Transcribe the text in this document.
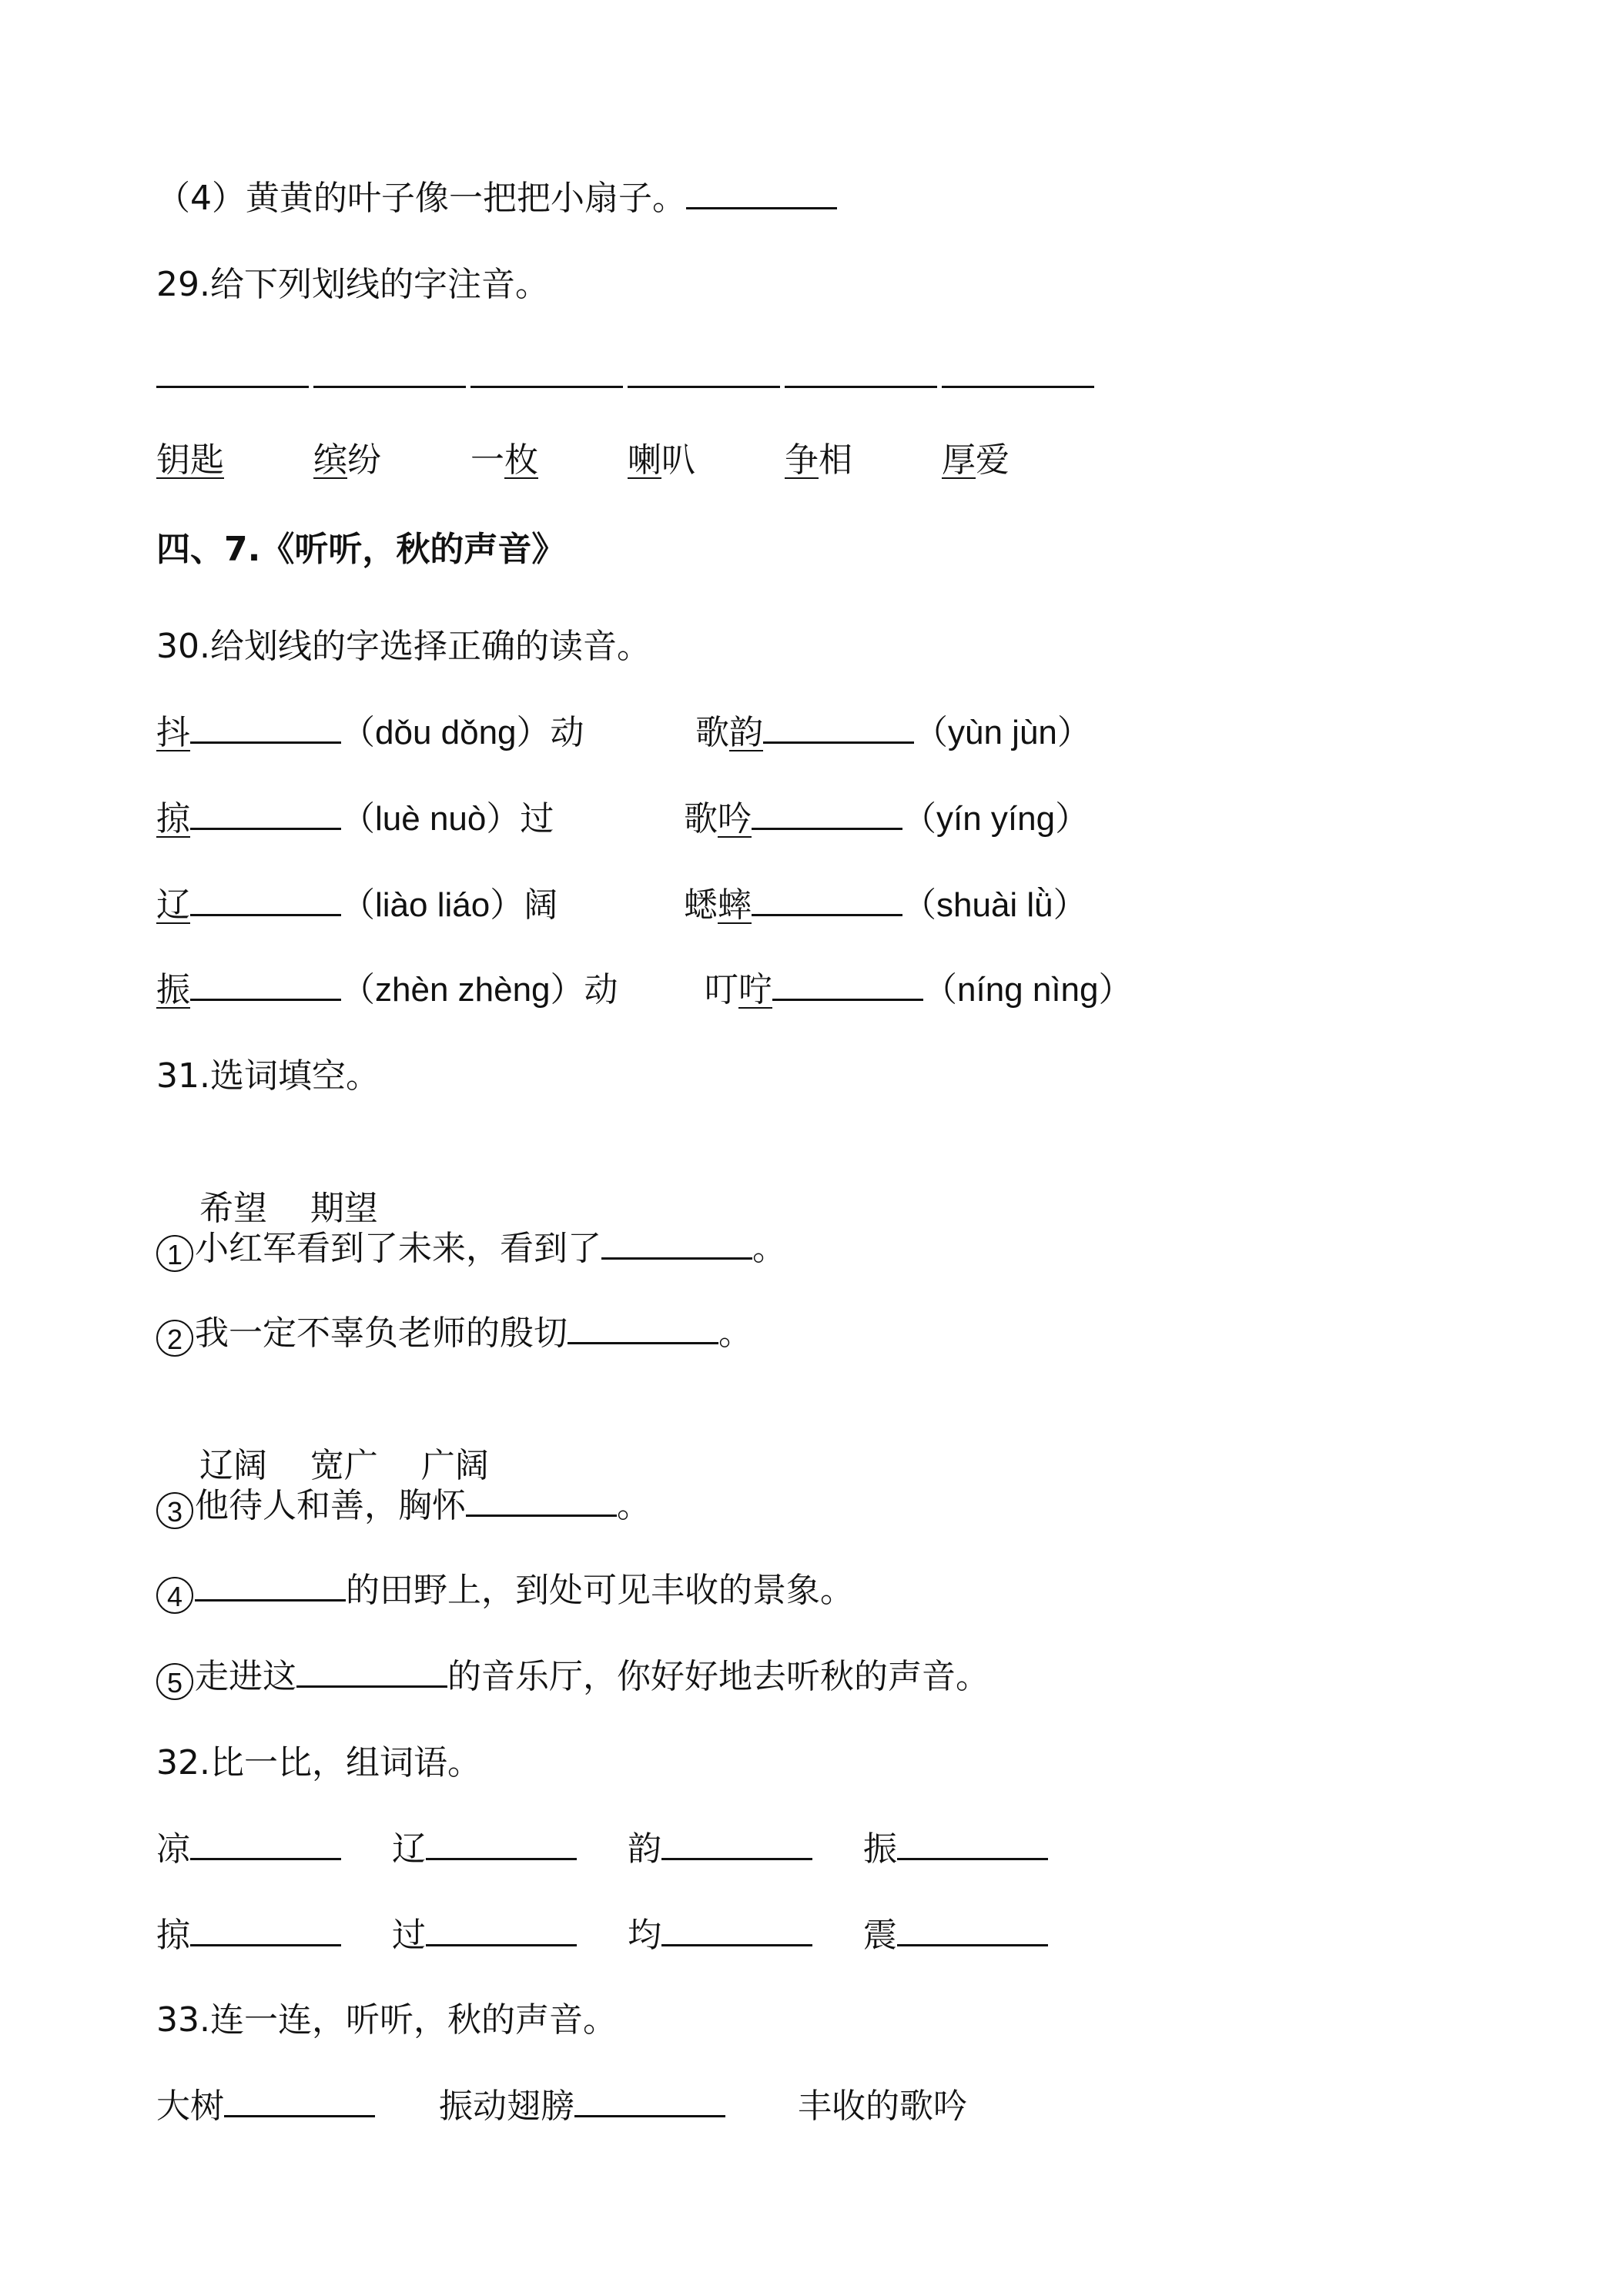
（4）黄黄的叶子像一把把小扇子。
29.给下列划线的字注音。
钥匙	缤纷	一枚	喇叭	争相	厚爱
四、7.《听听，秋的声音》
30.给划线的字选择正确的读音。
抖	（dǒu dǒng）动	歌韵	（yùn jùn）
掠	（luè nuò）过	歌吟	（yín yíng）
辽	（liào liáo）阔	蟋蟀	（shuài lǜ）
振	（zhèn zhèng）动	叮咛	（níng nìng）
31.选词填空。

希望    期望

1 小红军看到了未来，看到了	。
2 我一定不辜负老师的殷切	。

辽阔    宽广    广阔

3 他待人和善，胸怀	。
4	的田野上，到处可见丰收的景象。
5 走进这	的音乐厅，你好好地去听秋的声音。
32.比一比，组词语。
凉	辽	韵	振
掠	过	均	震
33.连一连，听听，秋的声音。
大树	振动翅膀	丰收的歌吟
